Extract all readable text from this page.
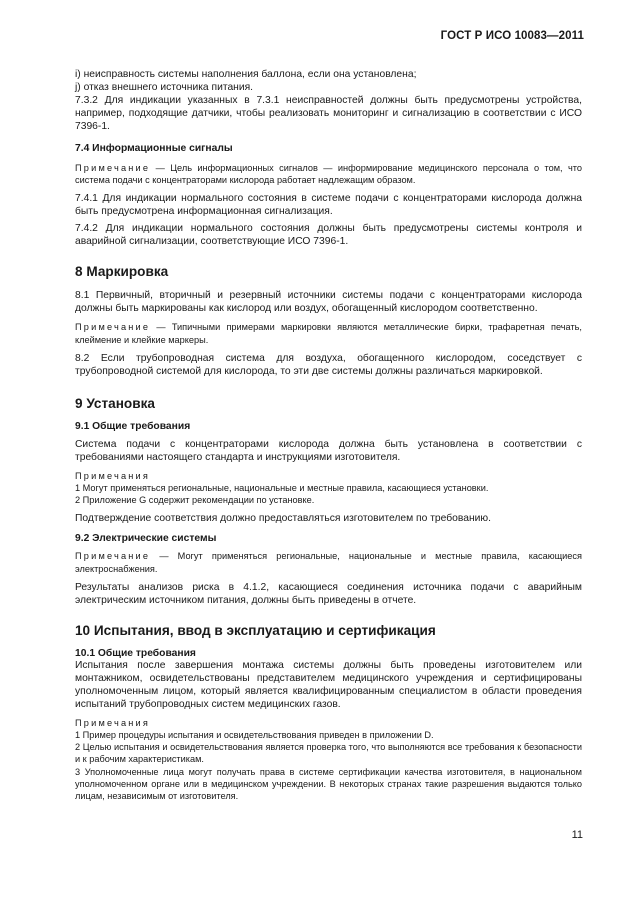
ГОСТ Р ИСО 10083—2011

i) неисправность системы наполнения баллона, если она установлена;

j) отказ внешнего источника питания.

7.3.2 Для индикации указанных в 7.3.1 неисправностей должны быть предусмотрены устройства, например, подходящие датчики, чтобы реализовать мониторинг и сигнализацию в соответствии с ИСО 7396-1.

7.4 Информационные сигналы

Примечание — Цель информационных сигналов — информирование медицинского персонала о том, что система подачи с концентраторами кислорода работает надлежащим образом.

7.4.1 Для индикации нормального состояния в системе подачи с концентраторами кислорода должна быть предусмотрена информационная сигнализация.

7.4.2 Для индикации нормального состояния должны быть предусмотрены системы контроля и аварийной сигнализации, соответствующие ИСО 7396-1.

8 Маркировка

8.1 Первичный, вторичный и резервный источники системы подачи с концентраторами кислорода должны быть маркированы как кислород или воздух, обогащенный кислородом соответственно.

Примечание — Типичными примерами маркировки являются металлические бирки, трафаретная печать, клеймение и клейкие маркеры.

8.2 Если трубопроводная система для воздуха, обогащенного кислородом, соседствует с трубопроводной системой для кислорода, то эти две системы должны различаться маркировкой.

9 Установка

9.1 Общие требования

Система подачи с концентраторами кислорода должна быть установлена в соответствии с требованиями настоящего стандарта и инструкциями изготовителя.

Примечания

1 Могут применяться региональные, национальные и местные правила, касающиеся установки.

2 Приложение G содержит рекомендации по установке.

Подтверждение соответствия должно предоставляться изготовителем по требованию.

9.2 Электрические системы

Примечание — Могут применяться региональные, национальные и местные правила, касающиеся электроснабжения.

Результаты анализов риска в 4.1.2, касающиеся соединения источника подачи с аварийным электрическим источником питания, должны быть приведены в отчете.

10 Испытания, ввод в эксплуатацию и сертификация

10.1 Общие требования

Испытания после завершения монтажа системы должны быть проведены изготовителем или монтажником, освидетельствованы представителем медицинского учреждения и сертифицированы уполномоченным лицом, который является квалифицированным специалистом в области проведения испытаний трубопроводных систем медицинских газов.

Примечания

1 Пример процедуры испытания и освидетельствования приведен в приложении D.

2 Целью испытания и освидетельствования является проверка того, что выполняются все требования к безопасности и к рабочим характеристикам.

3 Уполномоченные лица могут получать права в системе сертификации качества изготовителя, в национальном уполномоченном органе или в медицинском учреждении. В некоторых странах такие разрешения выдаются только лицам, независимым от изготовителя.

11
